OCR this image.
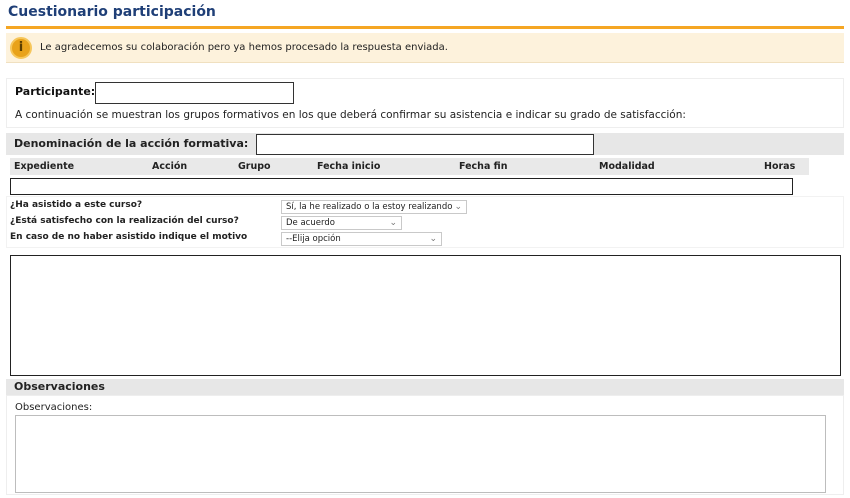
Cuestionario participación
i Le agradecemos su colaboración pero ya hemos procesado la respuesta enviada.
Participante:
A continuación se muestran los grupos formativos en los que deberá confirmar su asistencia e indicar su grado de satisfacción:
Denominación de la acción formativa:
Expediente	Acción	Grupo	Fecha inicio	Fecha fin	Modalidad	Horas
¿Ha asistido a este curso?	Sí, la he realizado o la estoy realizando ⌄
¿Está satisfecho con la realización del curso?	De acuerdo	⌄
En caso de no haber asistido indique el motivo	--Elija opción	⌄
Observaciones
Observaciones:
